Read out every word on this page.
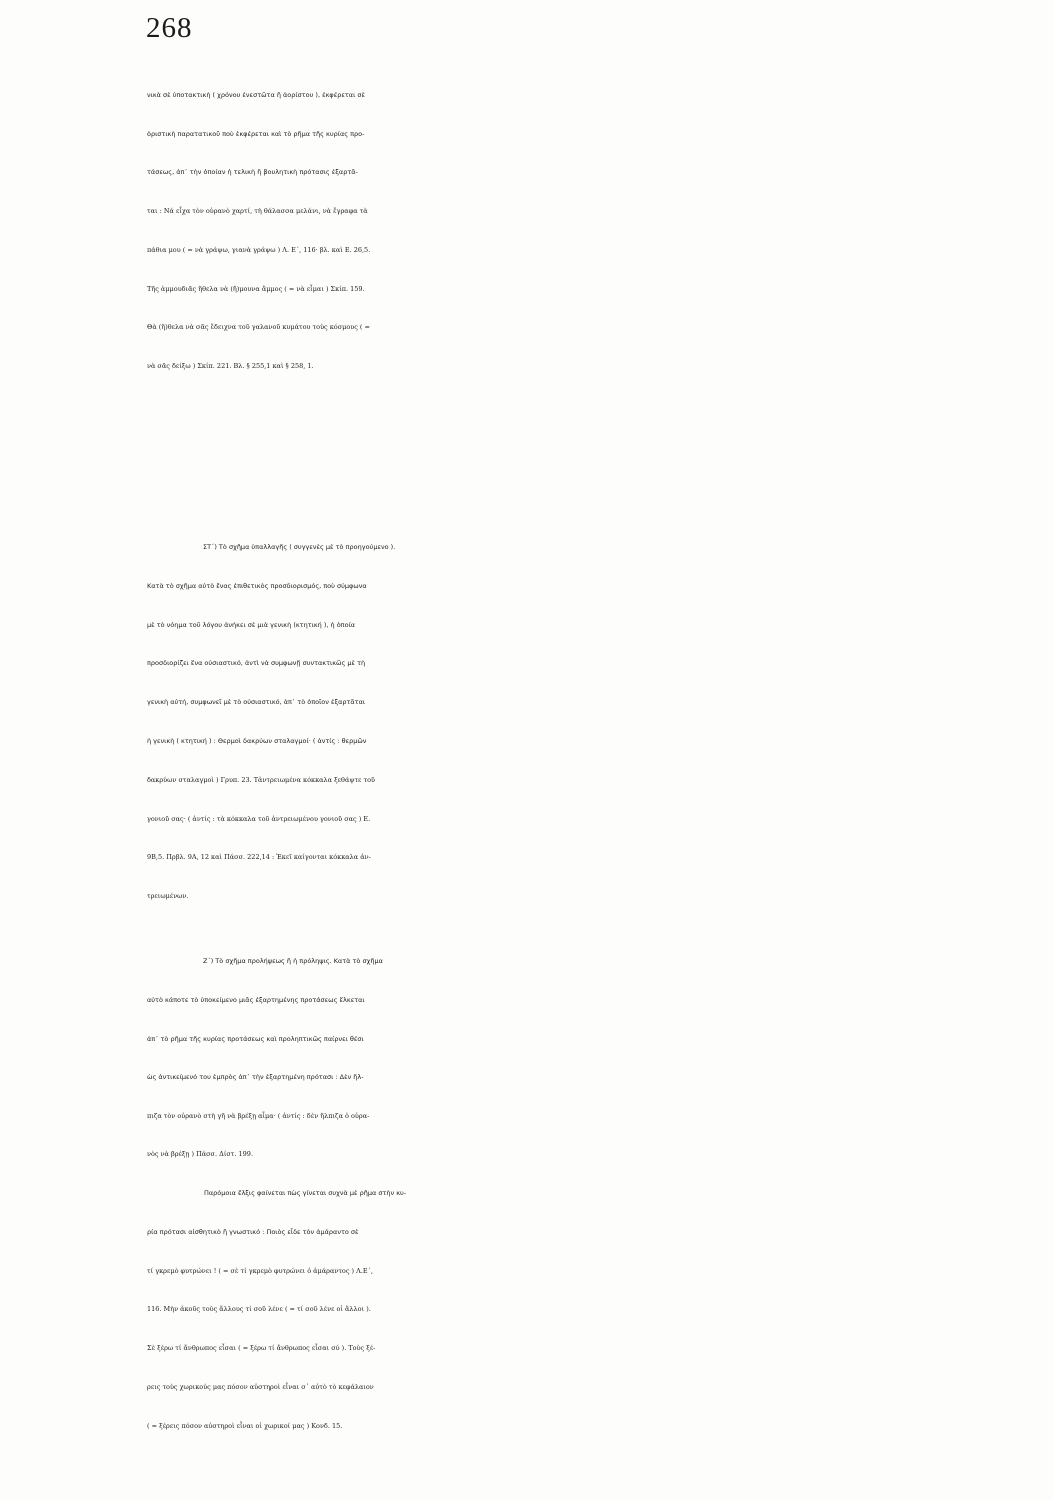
268
νικὰ σὲ ὑποτακτικὴ ( χρόνου ἐνεστῶτα ἢ ἀορίστου ), ἐκφέρεται σὲ
ὁριστικὴ παρατατικοῦ ποὺ ἐκφέρεται καὶ τὸ ρῆμα τῆς κυρίας προ-
τάσεως, ἀπ᾿ τὴν ὁποίαν ἡ τελικὴ ἢ βουλητικὴ πρότασις ἐξαρτᾶ-
ται : Νά εἶχα τὸν οὐρανὸ χαρτί, τὴ θάλασσα μελάνι, νὰ ἔγραφα τὰ
πάθια μου ( = νὰ γράψω, γιανὰ γράψω ) Λ. Ε΄, 116· βλ. καὶ Ε. 26,5.
Τῆς ἀμμουδιᾶς ἤθελα νὰ (ἤ)μουνα ἄμμος ( = νὰ εἶμαι ) Σκίπ. 159.
Θὰ (ἤ)θελα νὰ σᾶς ἔδειχνα τοῦ γαλανοῦ κυμάτου τοὺς κόσμους ( =
νὰ σᾶς δείξω ) Σκίπ. 221. Βλ. § 255,1 καὶ § 258, 1.
ΣΤ΄) Τὸ σχῆμα ὑπαλλαγῆς ( συγγενὲς μὲ τὸ προηγούμενο ).
Κατὰ τὸ σχῆμα αὐτὸ ἕνας ἐπιθετικὸς προσδιορισμός, ποὺ σύμφωνα
μὲ τὸ νόημα τοῦ λόγου ἀνήκει σὲ μιὰ γενικὴ (κτητική ), ἡ ὁποία
προσδιορίζει ἕνα οὐσιαστικό, ἀντὶ νὰ συμφωνῇ συντακτικῶς μὲ τὴ
γενικὴ αὐτή, συμφωνεῖ μὲ τὸ οὐσιαστικό, ἀπ᾿ τὸ ὁποῖον ἐξαρτᾶται
ἡ γενικὴ ( κτητική ) : Θερμοὶ δακρύων σταλαγμοί· ( ἀντίς : θερμῶν
δακρύων σταλαγμοὶ ) Γρυπ. 23. Τἀντρειωμένα κόκκαλα ξεθάψτε τοῦ
γονιοῦ σας· ( ἀντίς : τὰ κόκκαλα τοῦ ἀντρειωμένου γονιοῦ σας ) Ε.
9Β,5. Πρβλ. 9Α, 12 καὶ Πάσσ. 222,14 : Ἐκεῖ καίγονται κόκκαλα ἀν-
τρειωμένων.
Ζ΄) Τὸ σχῆμα προλήψεως ἢ ἡ πρόληψις. Κατὰ τὸ σχῆμα
αὐτὸ κάποτε τὸ ὑποκείμενο μιᾶς ἐξαρτημένης προτάσεως ἕλκεται
ἀπ᾿ τὸ ρῆμα τῆς κυρίας προτάσεως καὶ προληπτικῶς παίρνει θέσι
ὡς ἀντικείμενό του ἐμπρὸς ἀπ᾿ τὴν ἐξαρτημένη πρότασι : Δὲν ἤλ-
πιζα τὸν οὐρανὸ στὴ γῆ νὰ βρέξῃ αἷμα· ( ἀντίς : δὲν ἤλπιζα ὁ οὐρα-
νὸς νὰ βρέξῃ ) Πάσσ. Δίστ. 199.
Παρόμοια ἕλξις φαίνεται πὼς γίνεται συχνὰ μὲ ρῆμα στὴν κυ-
ρία πρότασι αἰσθητικὸ ἢ γνωστικό : Ποιὸς εἶδε τὸν ἀμάραντο σὲ
τί γκρεμὸ φυτρώνει ! ( = σὲ τί γκρεμὸ φυτρώνει ὁ ἀμάραντος ) Λ.Ε΄,
116. Μὴν ἀκοῦς τοὺς ἄλλους τί σοῦ λένε ( = τί σοῦ λένε οἱ ἄλλοι ).
Σὲ ξέρω τί ἄνθρωπος εἶσαι ( = ξέρω τί ἄνθρωπος εἶσαι σύ ). Τοὺς ξέ-
ρεις τοὺς χωρικούς μας πόσον αὐστηροὶ εἶναι σ᾿ αὐτὸ τὸ κεφάλαιον
( = ξέρεις πόσον αὐστηροὶ εἶναι οἱ χωρικοί μας ) Κονδ. 15.
